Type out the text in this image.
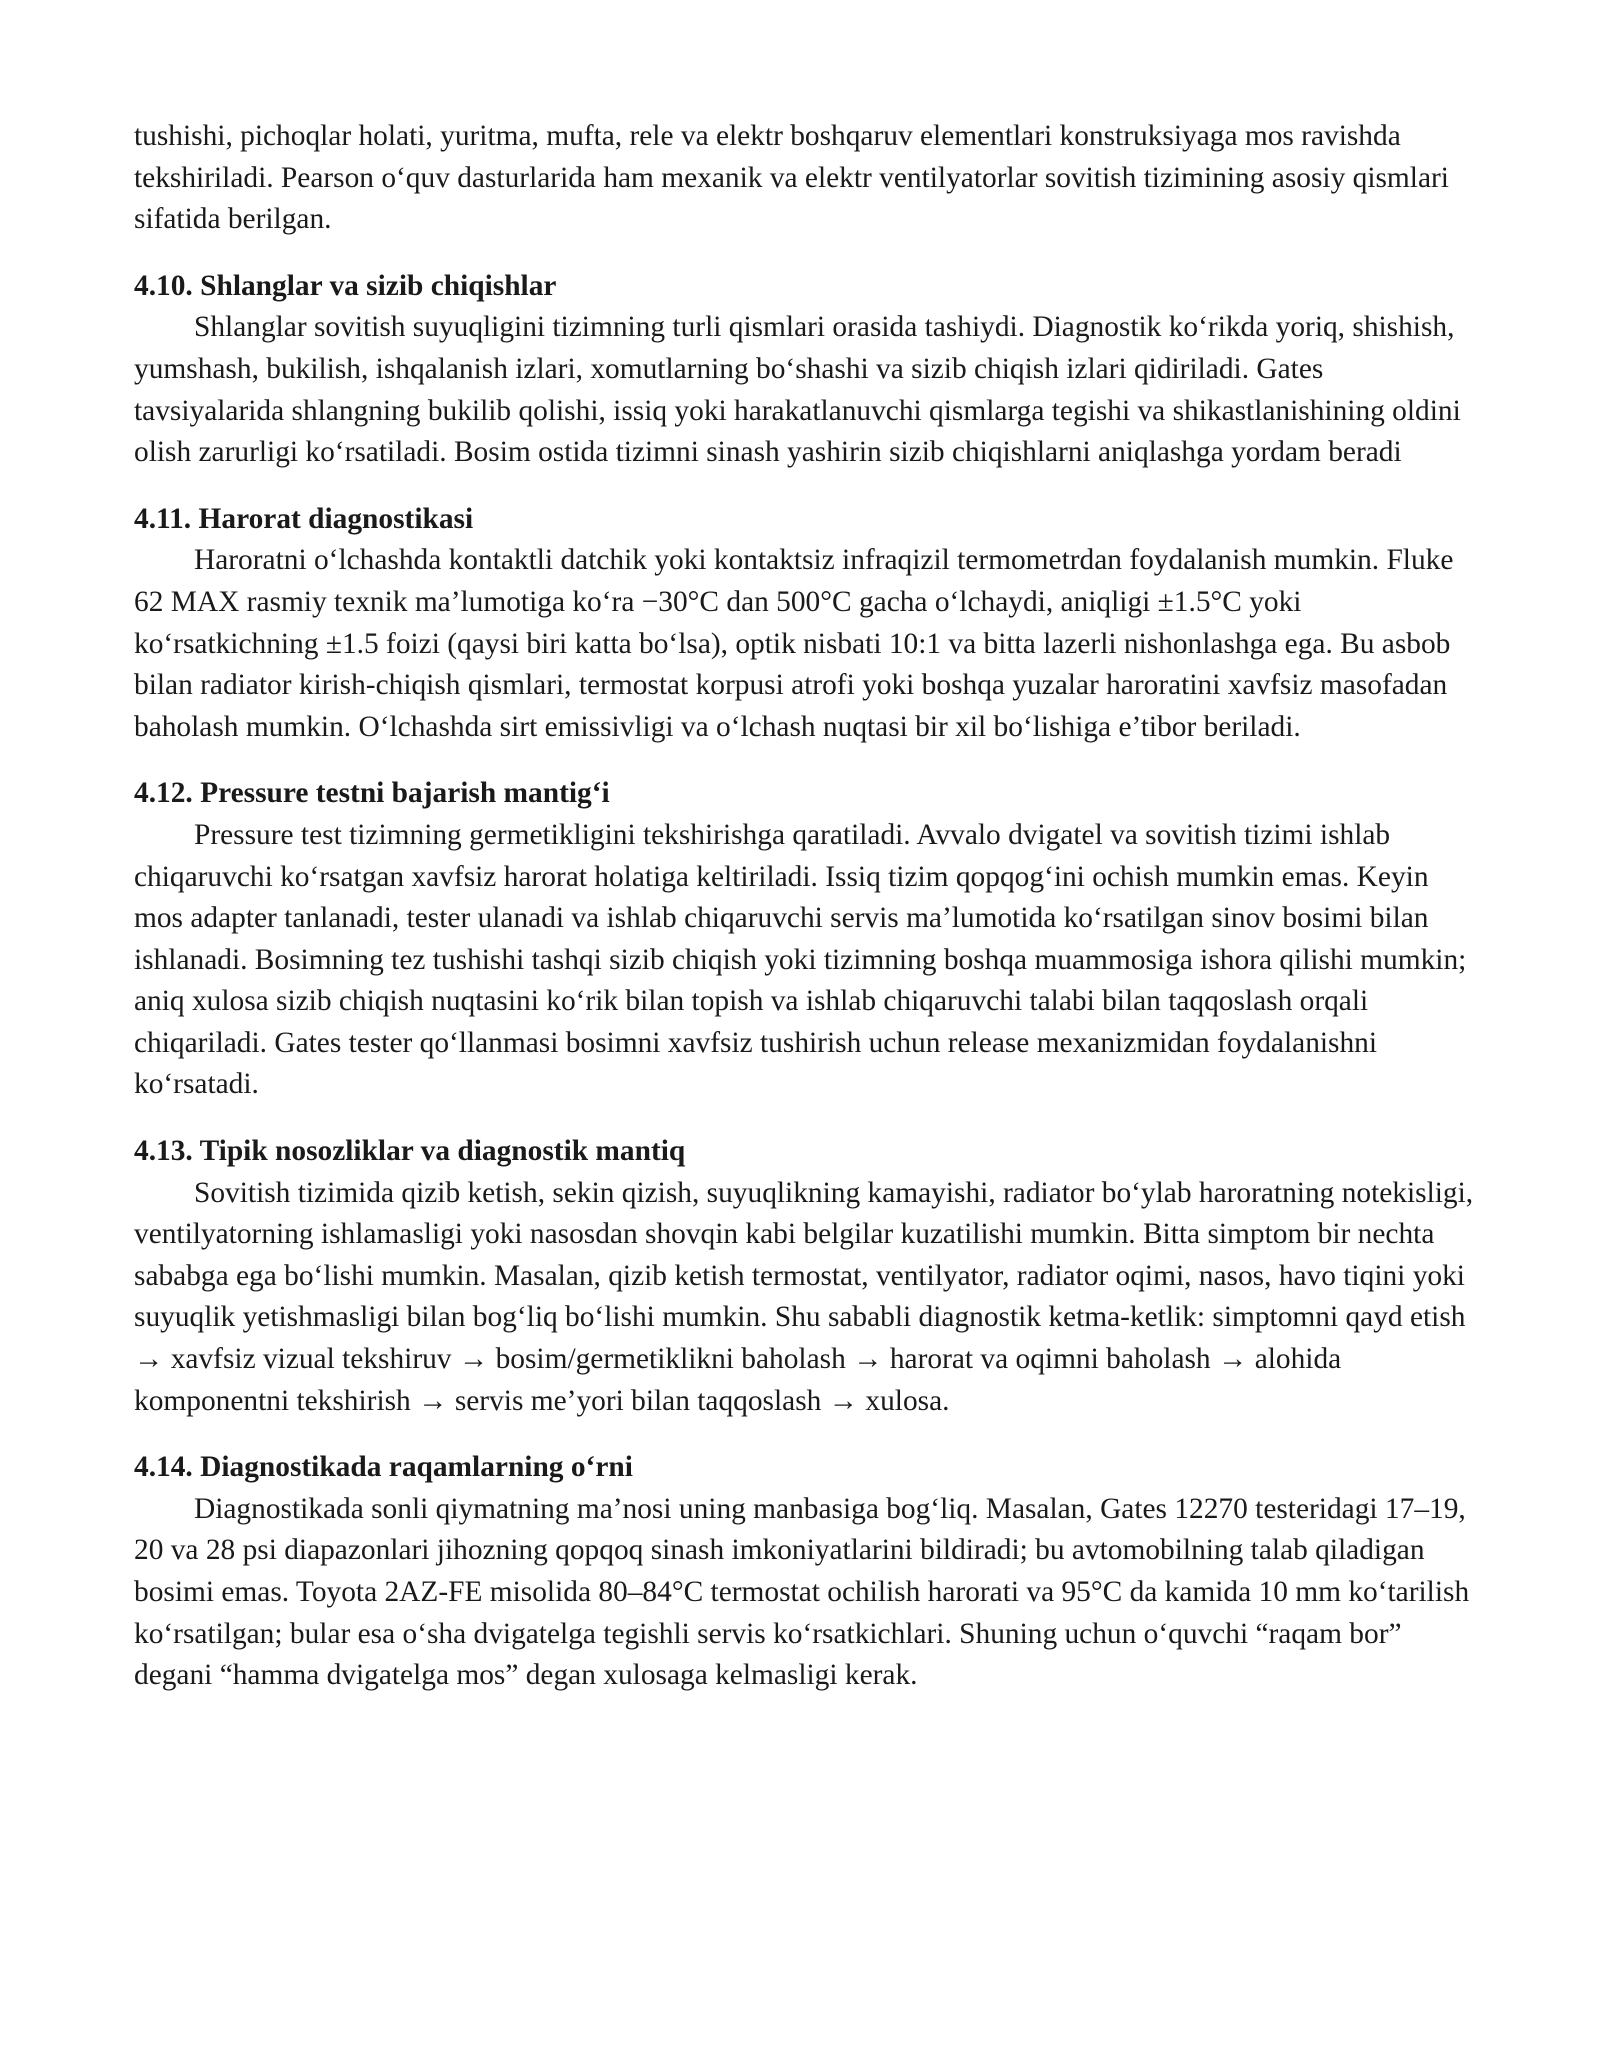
tushishi, pichoqlar holati, yuritma, mufta, rele va elektr boshqaruv elementlari konstruksiyaga mos ravishda tekshiriladi. Pearson o‘quv dasturlarida ham mexanik va elektr ventilyatorlar sovitish tizimining asosiy qismlari sifatida berilgan.

4.10. Shlanglar va sizib chiqishlar

Shlanglar sovitish suyuqligini tizimning turli qismlari orasida tashiydi. Diagnostik ko‘rikda yoriq, shishish, yumshash, bukilish, ishqalanish izlari, xomutlarning bo‘shashi va sizib chiqish izlari qidiriladi. Gates tavsiyalarida shlangning bukilib qolishi, issiq yoki harakatlanuvchi qismlarga tegishi va shikastlanishining oldini olish zarurligi ko‘rsatiladi. Bosim ostida tizimni sinash yashirin sizib chiqishlarni aniqlashga yordam beradi

4.11. Harorat diagnostikasi

Haroratni o‘lchashda kontaktli datchik yoki kontaktsiz infraqizil termometrdan foydalanish mumkin. Fluke 62 MAX rasmiy texnik ma’lumotiga ko‘ra −30°C dan 500°C gacha o‘lchaydi, aniqligi ±1.5°C yoki ko‘rsatkichning ±1.5 foizi (qaysi biri katta bo‘lsa), optik nisbati 10:1 va bitta lazerli nishonlashga ega. Bu asbob bilan radiator kirish-chiqish qismlari, termostat korpusi atrofi yoki boshqa yuzalar haroratini xavfsiz masofadan baholash mumkin. O‘lchashda sirt emissivligi va o‘lchash nuqtasi bir xil bo‘lishiga e’tibor beriladi.

4.12. Pressure testni bajarish mantig‘i

Pressure test tizimning germetikligini tekshirishga qaratiladi. Avvalo dvigatel va sovitish tizimi ishlab chiqaruvchi ko‘rsatgan xavfsiz harorat holatiga keltiriladi. Issiq tizim qopqog‘ini ochish mumkin emas. Keyin mos adapter tanlanadi, tester ulanadi va ishlab chiqaruvchi servis ma’lumotida ko‘rsatilgan sinov bosimi bilan ishlanadi. Bosimning tez tushishi tashqi sizib chiqish yoki tizimning boshqa muammosiga ishora qilishi mumkin; aniq xulosa sizib chiqish nuqtasini ko‘rik bilan topish va ishlab chiqaruvchi talabi bilan taqqoslash orqali chiqariladi. Gates tester qo‘llanmasi bosimni xavfsiz tushirish uchun release mexanizmidan foydalanishni ko‘rsatadi.

4.13. Tipik nosozliklar va diagnostik mantiq

Sovitish tizimida qizib ketish, sekin qizish, suyuqlikning kamayishi, radiator bo‘ylab haroratning notekisligi, ventilyatorning ishlamasligi yoki nasosdan shovqin kabi belgilar kuzatilishi mumkin. Bitta simptom bir nechta sababga ega bo‘lishi mumkin. Masalan, qizib ketish termostat, ventilyator, radiator oqimi, nasos, havo tiqini yoki suyuqlik yetishmasligi bilan bog‘liq bo‘lishi mumkin. Shu sababli diagnostik ketma-ketlik: simptomni qayd etish → xavfsiz vizual tekshiruv → bosim/germetiklikni baholash → harorat va oqimni baholash → alohida komponentni tekshirish → servis me’yori bilan taqqoslash → xulosa.

4.14. Diagnostikada raqamlarning o‘rni

Diagnostikada sonli qiymatning ma’nosi uning manbasiga bog‘liq. Masalan, Gates 12270 testeridagi 17–19, 20 va 28 psi diapazonlari jihozning qopqoq sinash imkoniyatlarini bildiradi; bu avtomobilning talab qiladigan bosimi emas. Toyota 2AZ-FE misolida 80–84°C termostat ochilish harorati va 95°C da kamida 10 mm ko‘tarilish ko‘rsatilgan; bular esa o‘sha dvigatelga tegishli servis ko‘rsatkichlari. Shuning uchun o‘quvchi “raqam bor” degani “hamma dvigatelga mos” degan xulosaga kelmasligi kerak.
